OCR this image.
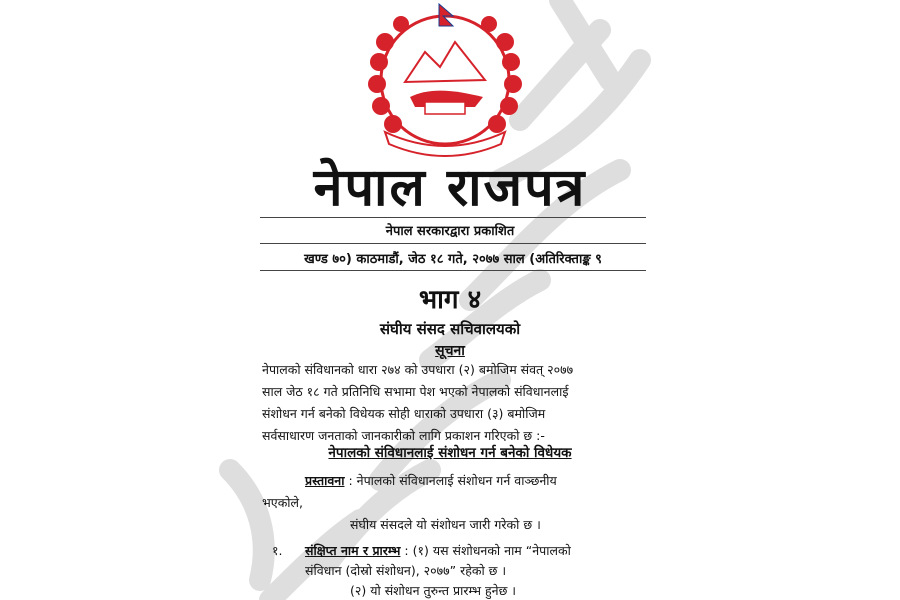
नेपाल राजपत्र
नेपाल सरकारद्वारा प्रकाशित
खण्ड ७०) काठमाडौं, जेठ १८ गते, २०७७ साल (अतिरिक्ताङ्क ९
भाग ४
संघीय संसद सचिवालयको
सूचना
नेपालको संविधानको धारा २७४ को उपधारा (२) बमोजिम संवत् २०७७
साल जेठ १८ गते प्रतिनिधि सभामा पेश भएको नेपालको संविधानलाई
संशोधन गर्न बनेको विधेयक सोही धाराको उपधारा (३) बमोजिम
सर्वसाधारण जनताको जानकारीको लागि प्रकाशन गरिएको छ :-
नेपालको संविधानलाई संशोधन गर्न बनेको विधेयक
प्रस्तावना : नेपालको संविधानलाई संशोधन गर्न वाञ्छनीय
भएकोले,
संघीय संसदले यो संशोधन जारी गरेको छ ।
१.	संक्षिप्त नाम र प्रारम्भ : (१) यस संशोधनको नाम “नेपालको
संविधान (दोस्रो संशोधन), २०७७” रहेको छ ।
(२) यो संशोधन तुरुन्त प्रारम्भ हुनेछ ।
